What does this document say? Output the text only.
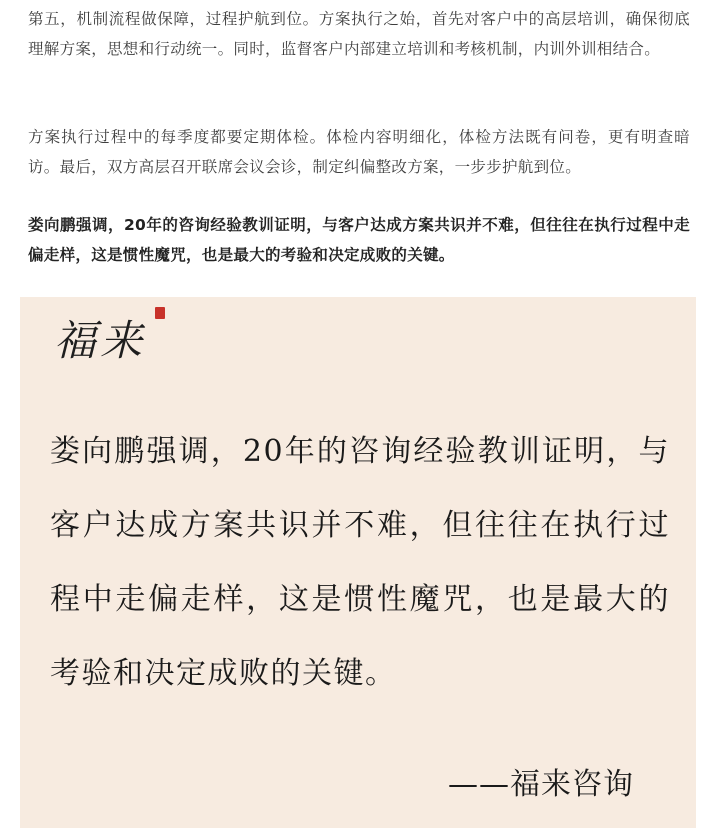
第五，机制流程做保障，过程护航到位。方案执行之始，首先对客户中的高层培训，确保彻底理解方案，思想和行动统一。同时，监督客户内部建立培训和考核机制，内训外训相结合。

方案执行过程中的每季度都要定期体检。体检内容明细化，体检方法既有问卷，更有明查暗访。最后，双方高层召开联席会议会诊，制定纠偏整改方案，一步步护航到位。

娄向鹏强调，20年的咨询经验教训证明，与客户达成方案共识并不难，但往往在执行过程中走偏走样，这是惯性魔咒，也是最大的考验和决定成败的关键。

福来

娄向鹏强调，20年的咨询经验教训证明，与客户达成方案共识并不难，但往往在执行过程中走偏走样，这是惯性魔咒，也是最大的考验和决定成败的关键。

——福来咨询
